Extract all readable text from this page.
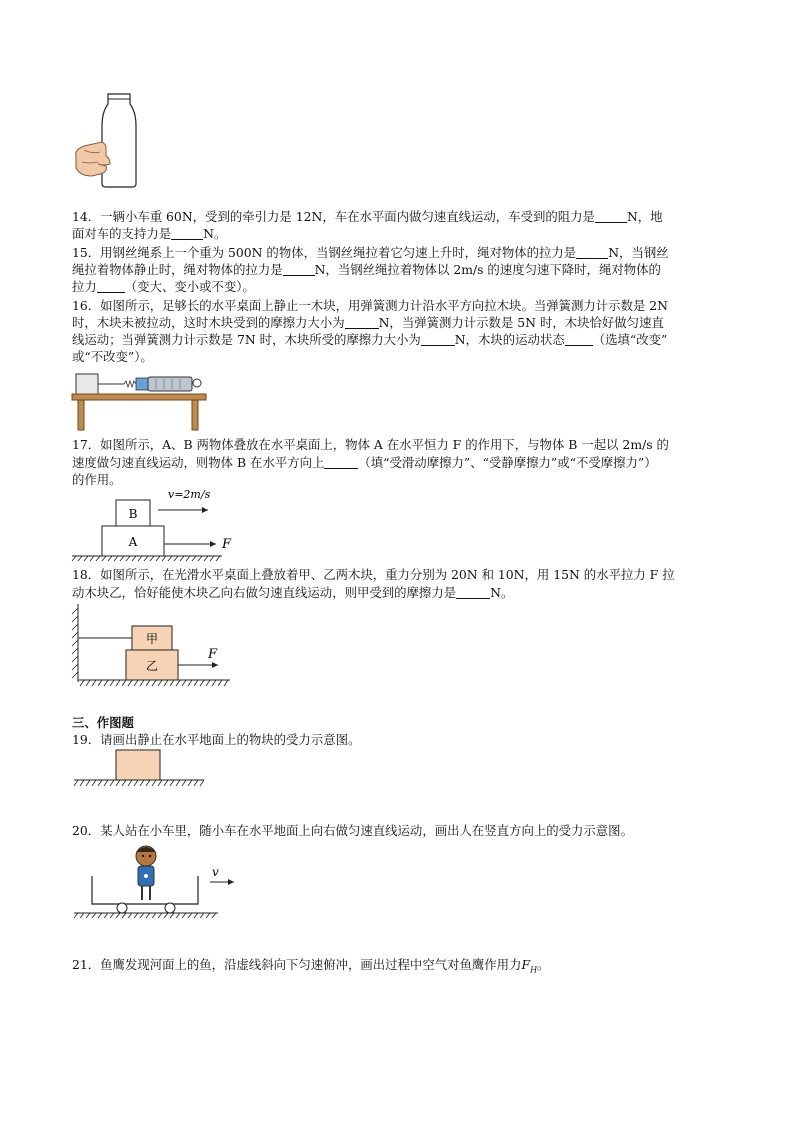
14．一辆小车重 60N，受到的牵引力是 12N，车在水平面内做匀速直线运动，车受到的阻力是	N，地
面对车的支持力是	N。
15．用钢丝绳系上一个重为 500N 的物体，当钢丝绳拉着它匀速上升时，绳对物体的拉力是	N，当钢丝
绳拉着物体静止时，绳对物体的拉力是	N，当钢丝绳拉着物体以 2m/s 的速度匀速下降时，绳对物体的
拉力 （变大、变小或不变）。
16．如图所示，足够长的水平桌面上静止一木块，用弹簧测力计沿水平方向拉木块。当弹簧测力计示数是 2N
时，木块未被拉动，这时木块受到的摩擦力大小为	N，当弹簧测力计示数是 5N 时，木块恰好做匀速直
线运动；当弹簧测力计示数是 7N 时，木块所受的摩擦力大小为	N，木块的运动状态 （选填“改变”
或“不改变”）。
17．如图所示，A、B 两物体叠放在水平桌面上，物体 A 在水平恒力 F 的作用下，与物体 B 一起以 2m/s 的
速度做匀速直线运动，则物体 B 在水平方向上	（填“受滑动摩擦力”、“受静摩擦力”或“不受摩擦力”）
的作用。
B
A
v=2m/s
F
18．如图所示，在光滑水平桌面上叠放着甲、乙两木块，重力分别为 20N 和 10N，用 15N 的水平拉力 F 拉
动木块乙，恰好能使木块乙向右做匀速直线运动，则甲受到的摩擦力是	N。
甲
乙
F
三、作图题
19．请画出静止在水平地面上的物块的受力示意图。
20．某人站在小车里，随小车在水平地面上向右做匀速直线运动，画出人在竖直方向上的受力示意图。
v
21．鱼鹰发现河面上的鱼，沿虚线斜向下匀速俯冲，画出过程中空气对鱼鹰作用力$F_H$。
